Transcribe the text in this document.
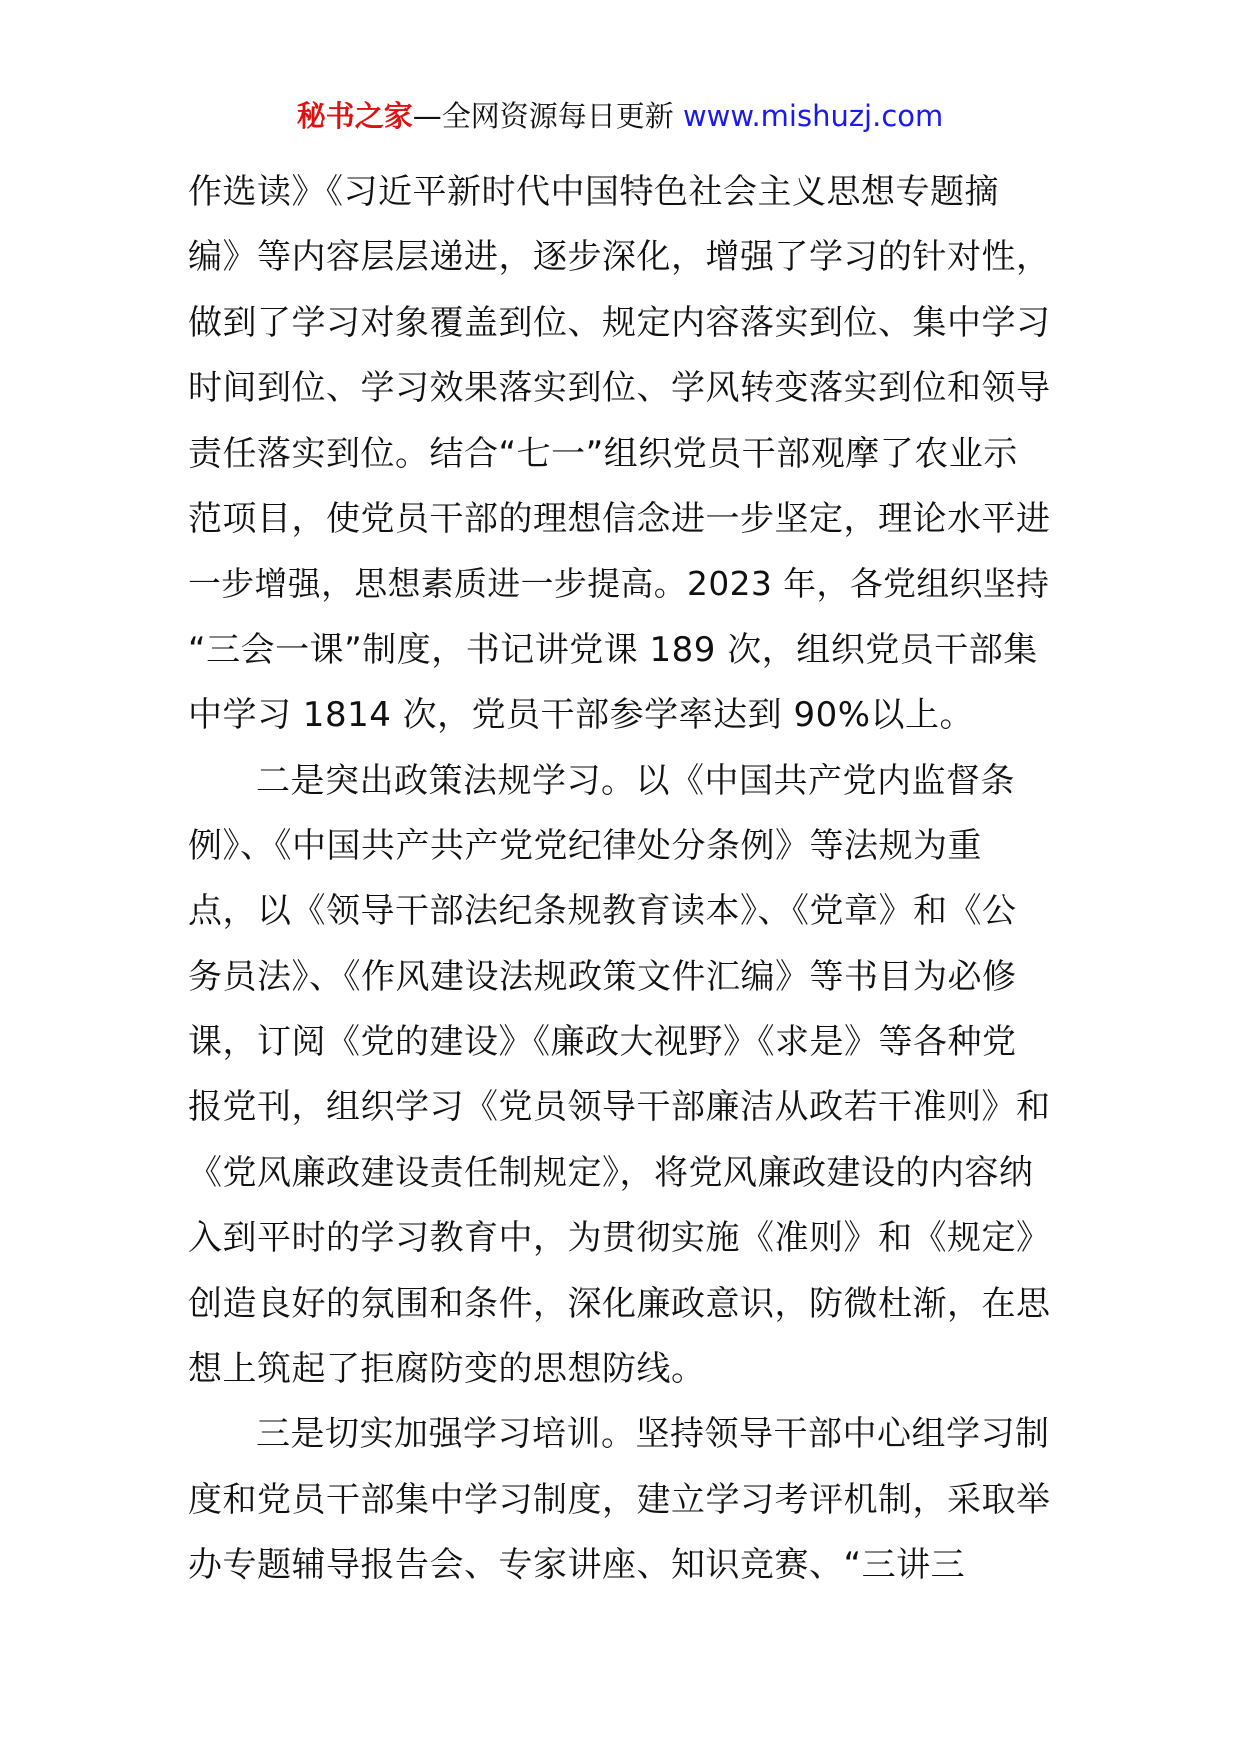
秘书之家—全网资源每日更新 www.mishuzj.com
作选读》《习近平新时代中国特色社会主义思想专题摘
编》等内容层层递进，逐步深化，增强了学习的针对性，
做到了学习对象覆盖到位、规定内容落实到位、集中学习
时间到位、学习效果落实到位、学风转变落实到位和领导
责任落实到位。结合“七一”组织党员干部观摩了农业示
范项目，使党员干部的理想信念进一步坚定，理论水平进
一步增强，思想素质进一步提高。2023 年，各党组织坚持
“三会一课”制度，书记讲党课 189 次，组织党员干部集
中学习 1814 次，党员干部参学率达到 90%以上。
二是突出政策法规学习。以《中国共产党内监督条
例》、《中国共产共产党党纪律处分条例》等法规为重
点，以《领导干部法纪条规教育读本》、《党章》和《公
务员法》、《作风建设法规政策文件汇编》等书目为必修
课，订阅《党的建设》《廉政大视野》《求是》等各种党
报党刊，组织学习《党员领导干部廉洁从政若干准则》和
《党风廉政建设责任制规定》，将党风廉政建设的内容纳
入到平时的学习教育中，为贯彻实施《准则》和《规定》
创造良好的氛围和条件，深化廉政意识，防微杜渐，在思
想上筑起了拒腐防变的思想防线。
三是切实加强学习培训。坚持领导干部中心组学习制
度和党员干部集中学习制度，建立学习考评机制，采取举
办专题辅导报告会、专家讲座、知识竞赛、“三讲三
